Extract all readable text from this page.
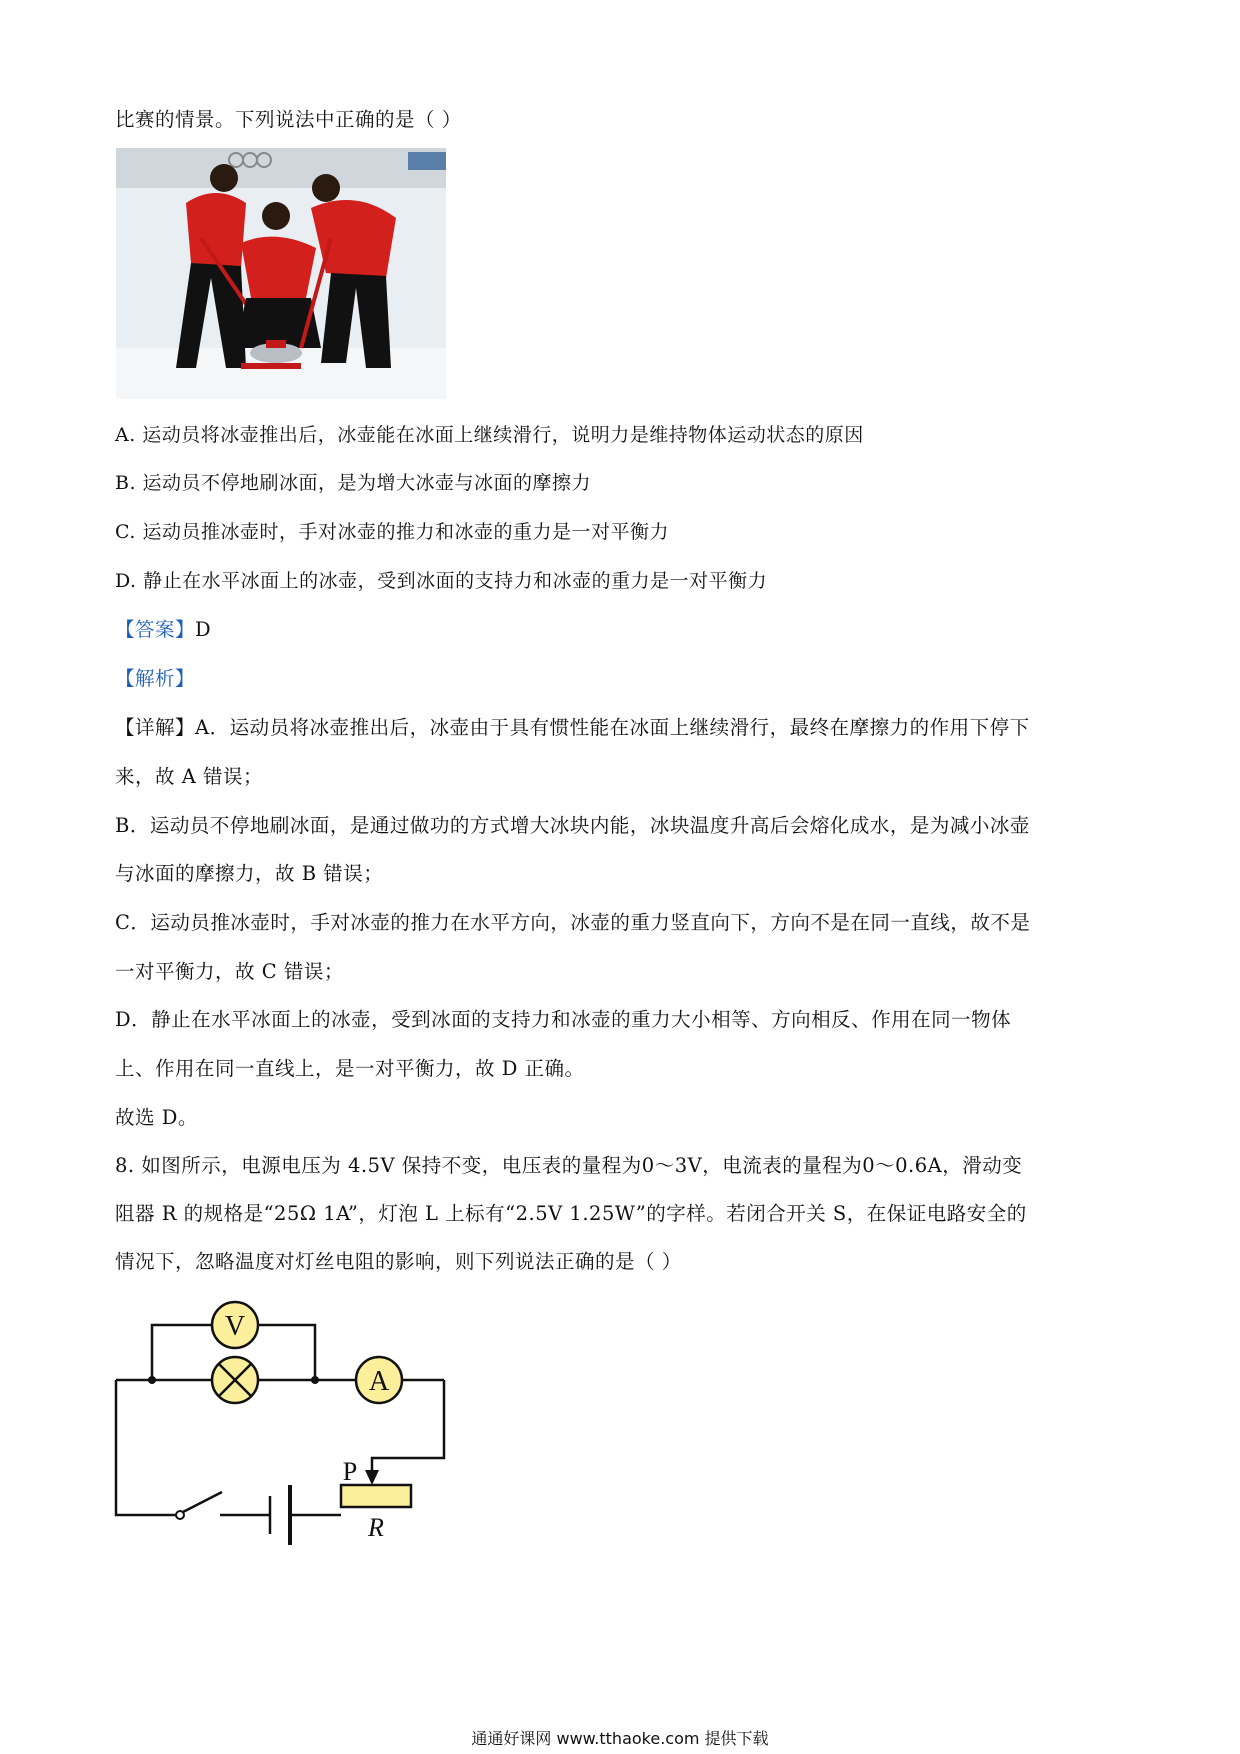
比赛的情景。下列说法中正确的是（ ）
A. 运动员将冰壶推出后，冰壶能在冰面上继续滑行，说明力是维持物体运动状态的原因
B. 运动员不停地刷冰面，是为增大冰壶与冰面的摩擦力
C. 运动员推冰壶时，手对冰壶的推力和冰壶的重力是一对平衡力
D. 静止在水平冰面上的冰壶，受到冰面的支持力和冰壶的重力是一对平衡力
【答案】D
【解析】
【详解】A．运动员将冰壶推出后，冰壶由于具有惯性能在冰面上继续滑行，最终在摩擦力的作用下停下
来，故 A 错误；
B．运动员不停地刷冰面，是通过做功的方式增大冰块内能，冰块温度升高后会熔化成水，是为减小冰壶
与冰面的摩擦力，故 B 错误；
C．运动员推冰壶时，手对冰壶的推力在水平方向，冰壶的重力竖直向下，方向不是在同一直线，故不是
一对平衡力，故 C 错误；
D．静止在水平冰面上的冰壶，受到冰面的支持力和冰壶的重力大小相等、方向相反、作用在同一物体
上、作用在同一直线上，是一对平衡力，故 D 正确。
故选 D。
8. 如图所示，电源电压为 4.5V 保持不变，电压表的量程为0～3V，电流表的量程为0～0.6A，滑动变
阻器 R 的规格是“25Ω 1A”，灯泡 L 上标有“2.5V 1.25W”的字样。若闭合开关 S，在保证电路安全的
情况下，忽略温度对灯丝电阻的影响，则下列说法正确的是（ ）
V
A
P
R
通通好课网 www.tthaoke.com 提供下载
